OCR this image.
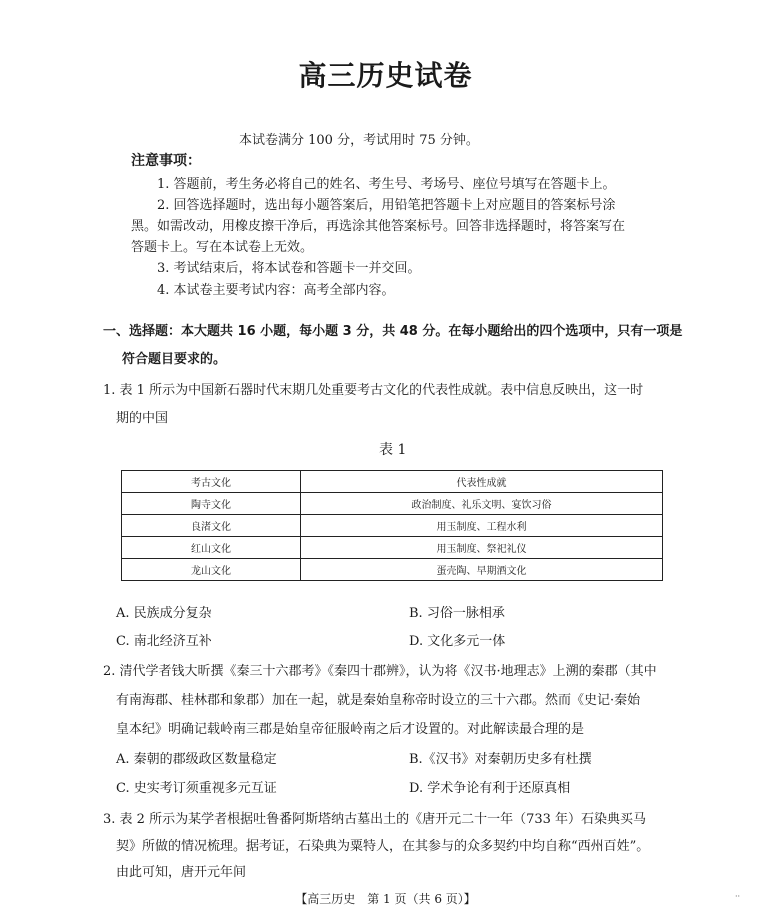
高三历史试卷
本试卷满分 100 分，考试用时 75 分钟。
注意事项：
1. 答题前，考生务必将自己的姓名、考生号、考场号、座位号填写在答题卡上。
2. 回答选择题时，选出每小题答案后，用铅笔把答题卡上对应题目的答案标号涂
黑。如需改动，用橡皮擦干净后，再选涂其他答案标号。回答非选择题时，将答案写在
答题卡上。写在本试卷上无效。
3. 考试结束后，将本试卷和答题卡一并交回。
4. 本试卷主要考试内容：高考全部内容。
一、选择题：本大题共 16 小题，每小题 3 分，共 48 分。在每小题给出的四个选项中，只有一项是
符合题目要求的。
1. 表 1 所示为中国新石器时代末期几处重要考古文化的代表性成就。表中信息反映出，这一时
期的中国
表 1
考古文化	代表性成就
陶寺文化	政治制度、礼乐文明、宴饮习俗
良渚文化	用玉制度、工程水利
红山文化	用玉制度、祭祀礼仪
龙山文化	蛋壳陶、早期酒文化
A. 民族成分复杂	B. 习俗一脉相承
C. 南北经济互补	D. 文化多元一体
2. 清代学者钱大昕撰《秦三十六郡考》《秦四十郡辨》，认为将《汉书·地理志》上溯的秦郡（其中
有南海郡、桂林郡和象郡）加在一起，就是秦始皇称帝时设立的三十六郡。然而《史记·秦始
皇本纪》明确记载岭南三郡是始皇帝征服岭南之后才设置的。对此解读最合理的是
A. 秦朝的郡级政区数量稳定	B.《汉书》对秦朝历史多有杜撰
C. 史实考订须重视多元互证	D. 学术争论有利于还原真相
3. 表 2 所示为某学者根据吐鲁番阿斯塔纳古墓出土的《唐开元二十一年（733 年）石染典买马
契》所做的情况梳理。据考证，石染典为粟特人，在其参与的众多契约中均自称“西州百姓”。
由此可知，唐开元年间
【高三历史　第 1 页（共 6 页）】	··
